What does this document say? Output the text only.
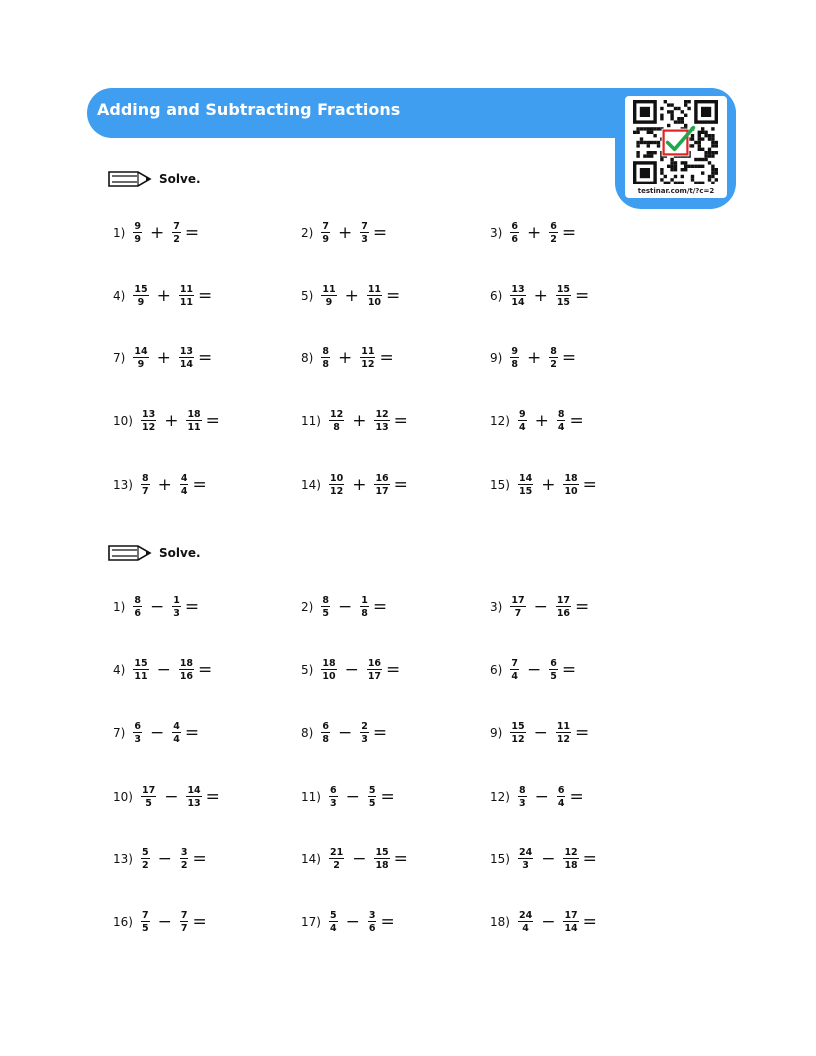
Adding and Subtracting Fractions
testinar.com/t/?c=2
Solve.
$1) \frac{9}{9} + \frac{7}{2}$ =	$2) \frac{7}{9} + \frac{7}{3}$ =	$3) \frac{6}{6} + \frac{6}{2}$ =
$4) \frac{15}{9} + \frac{11}{11}$ =	$5) \frac{11}{9} + \frac{11}{10}$ =	$6) \frac{13}{14} + \frac{15}{15}$ =
$7) \frac{14}{9} + \frac{13}{14}$ =	$8) \frac{8}{8} + \frac{11}{12}$ =	$9) \frac{9}{8} + \frac{8}{2}$ =
$10) \frac{13}{12} + \frac{18}{11}$ =	$11) \frac{12}{8} + \frac{12}{13}$ =	$12) \frac{9}{4} + \frac{8}{4}$ =
$13) \frac{8}{7} + \frac{4}{4}$ =	$14) \frac{10}{12} + \frac{16}{17}$ =	$15) \frac{14}{15} + \frac{18}{10}$ =
Solve.
$1) \frac{8}{6} - \frac{1}{3}$ =	$2) \frac{8}{5} - \frac{1}{8}$ =	$3) \frac{17}{7} - \frac{17}{16}$ =
$4) \frac{15}{11} - \frac{18}{16}$ =	$5) \frac{18}{10} - \frac{16}{17}$ =	$6) \frac{7}{4} - \frac{6}{5}$ =
$7) \frac{6}{3} - \frac{4}{4}$ =	$8) \frac{6}{8} - \frac{2}{3}$ =	$9) \frac{15}{12} - \frac{11}{12}$ =
$10) \frac{17}{5} - \frac{14}{13}$ =	$11) \frac{6}{3} - \frac{5}{5}$ =	$12) \frac{8}{3} - \frac{6}{4}$ =
$13) \frac{5}{2} - \frac{3}{2}$ =	$14) \frac{21}{2} - \frac{15}{18}$ =	$15) \frac{24}{3} - \frac{12}{18}$ =
$16) \frac{7}{5} - \frac{7}{7}$ =	$17) \frac{5}{4} - \frac{3}{6}$ =	$18) \frac{24}{4} - \frac{17}{14}$ =
